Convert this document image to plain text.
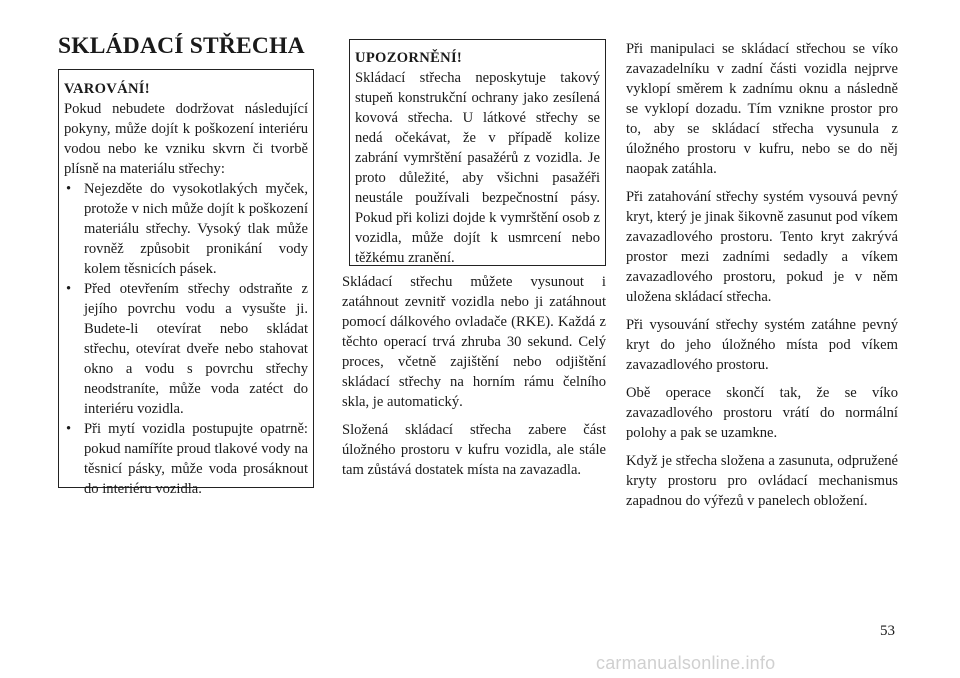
SKLÁDACÍ STŘECHA
VAROVÁNÍ!

Pokud nebudete dodržovat následující pokyny, může dojít k poškození interiéru vodou nebo ke vzniku skvrn či tvorbě plísně na materiálu střechy:

• Nejezděte do vysokotlakých myček, protože v nich může dojít k poškození materiálu střechy. Vysoký tlak může rovněž způsobit pronikání vody kolem těsnicích pásek.
• Před otevřením střechy odstraňte z jejího povrchu vodu a vysušte ji. Budete-li otevírat nebo skládat střechu, otevírat dveře nebo stahovat okno a vodu s povrchu střechy neodstraníte, může voda zatéct do interiéru vozidla.
• Při mytí vozidla postupujte opatrně: pokud namíříte proud tlakové vody na těsnicí pásky, může voda prosáknout do interiéru vozidla.
UPOZORNĚNÍ!

Skládací střecha neposkytuje takový stupeň konstrukční ochrany jako zesílená kovová střecha. U látkové střechy se nedá očekávat, že v případě kolize zabrání vymrštění pasažérů z vozidla. Je proto důležité, aby všichni pasažéři neustále používali bezpečnostní pásy. Pokud při kolizi dojde k vymrštění osob z vozidla, může dojít k usmrcení nebo těžkému zranění.

Skládací střechu můžete vysunout i zatáhnout zevnitř vozidla nebo ji zatáhnout pomocí dálkového ovladače (RKE). Každá z těchto operací trvá zhruba 30 sekund. Celý proces, včetně zajištění nebo odjištění skládací střechy na horním rámu čelního skla, je automatický.

Složená skládací střecha zabere část úložného prostoru v kufru vozidla, ale stále tam zůstává dostatek místa na zavazadla.

Při manipulaci se skládací střechou se víko zavazadelníku v zadní části vozidla nejprve vyklopí směrem k zadnímu oknu a následně se vyklopí dozadu. Tím vznikne prostor pro to, aby se skládací střecha vysunula z úložného prostoru v kufru, nebo se do něj naopak zatáhla.

Při zatahování střechy systém vysouvá pevný kryt, který je jinak šikovně zasunut pod víkem zavazadlového prostoru. Tento kryt zakrývá prostor mezi zadními sedadly a víkem zavazadlového prostoru, pokud je v něm uložena skládací střecha.

Při vysouvání střechy systém zatáhne pevný kryt do jeho úložného místa pod víkem zavazadlového prostoru.

Obě operace skončí tak, že se víko zavazadlového prostoru vrátí do normální polohy a pak se uzamkne.

Když je střecha složena a zasunuta, odpružené kryty prostoru pro ovládací mechanismus zapadnou do výřezů v panelech obložení.

53
carmanualsonline.info
